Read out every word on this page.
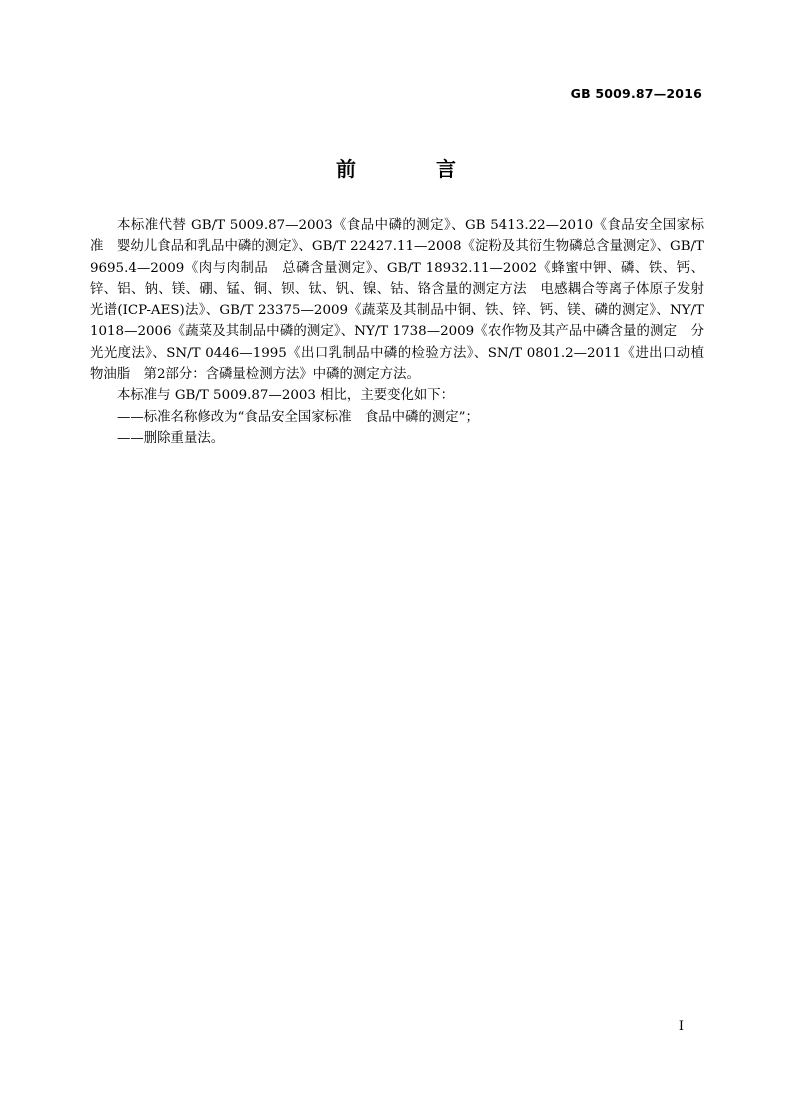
GB 5009.87—2016
前　言

本标准代替 GB/T 5009.87—2003《食品中磷的测定》、GB 5413.22—2010《食品安全国家标准　婴幼儿食品和乳品中磷的测定》、GB/T 22427.11—2008《淀粉及其衍生物磷总含量测定》、GB/T 9695.4—2009《肉与肉制品　总磷含量测定》、GB/T 18932.11—2002《蜂蜜中钾、磷、铁、钙、锌、铝、钠、镁、硼、锰、铜、钡、钛、钒、镍、钴、铬含量的测定方法　电感耦合等离子体原子发射光谱(ICP-AES)法》、GB/T 23375—2009《蔬菜及其制品中铜、铁、锌、钙、镁、磷的测定》、NY/T 1018—2006《蔬菜及其制品中磷的测定》、NY/T 1738—2009《农作物及其产品中磷含量的测定　分光光度法》、SN/T 0446—1995《出口乳制品中磷的检验方法》、SN/T 0801.2—2011《进出口动植物油脂　第2部分：含磷量检测方法》中磷的测定方法。

本标准与 GB/T 5009.87—2003 相比，主要变化如下：

——标准名称修改为“食品安全国家标准　食品中磷的测定”；

——删除重量法。

I
